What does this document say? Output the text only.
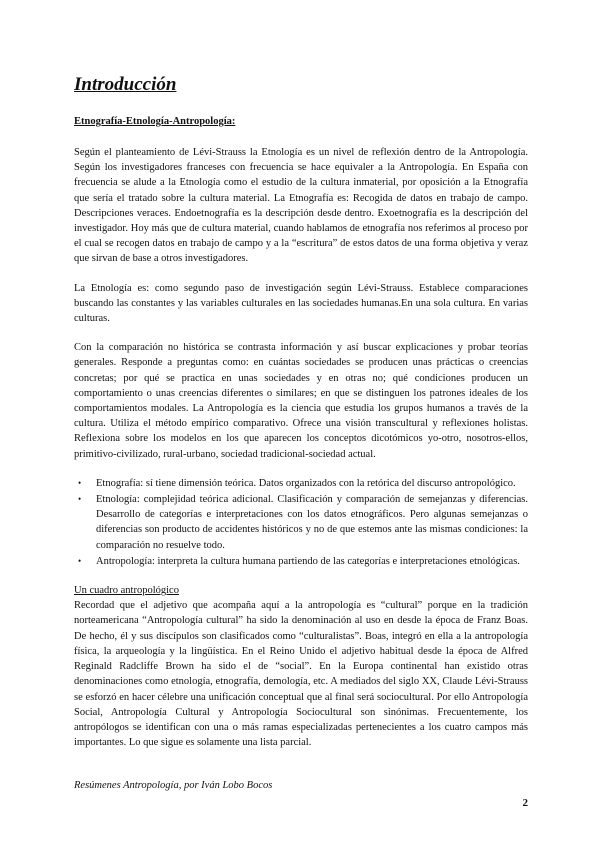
Introducción
Etnografía-Etnología-Antropología:

Según el planteamiento de Lévi-Strauss la Etnología es un nivel de reflexión dentro de la Antropología. Según los investigadores franceses con frecuencia se hace equivaler a la Antropología. En España con frecuencia se alude a la Etnología como el estudio de la cultura inmaterial, por oposición a la Etnografía que sería el tratado sobre la cultura material. La Etnografía es: Recogida de datos en trabajo de campo. Descripciones veraces. Endoetnografía es la descripción desde dentro. Exoetnografía es la descripción del investigador. Hoy más que de cultura material, cuando hablamos de etnografía nos referimos al proceso por el cual se recogen datos en trabajo de campo y a la “escritura” de estos datos de una forma objetiva y veraz que sirvan de base a otros investigadores.

La Etnología es: como segundo paso de investigación según Lévi-Strauss. Establece comparaciones buscando las constantes y las variables culturales en las sociedades humanas.En una sola cultura. En varias culturas.

Con la comparación no histórica se contrasta información y así buscar explicaciones y probar teorías generales. Responde a preguntas como: en cuántas sociedades se producen unas prácticas o creencias concretas; por qué se practica en unas sociedades y en otras no; qué condiciones producen un comportamiento o unas creencias diferentes o similares; en que se distinguen los patrones ideales de los comportamientos modales. La Antropología es la ciencia que estudia los grupos humanos a través de la cultura. Utiliza el método empírico comparativo. Ofrece una visión transcultural y reflexiones holistas. Reflexiona sobre los modelos en los que aparecen los conceptos dicotómicos yo-otro, nosotros-ellos, primitivo-civilizado, rural-urbano, sociedad tradicional-sociedad actual.

• Etnografía: sí tiene dimensión teórica. Datos organizados con la retórica del discurso antropológico.
• Etnología: complejidad teórica adicional. Clasificación y comparación de semejanzas y diferencias. Desarrollo de categorías e interpretaciones con los datos etnográficos. Pero algunas semejanzas o diferencias son producto de accidentes históricos y no de que estemos ante las mismas condiciones: la comparación no resuelve todo.
• Antropología: interpreta la cultura humana partiendo de las categorías e interpretaciones etnológicas.
Un cuadro antropológico

Recordad que el adjetivo que acompaña aquí a la antropología es “cultural” porque en la tradición norteamericana “Antropología cultural” ha sido la denominación al uso en desde la época de Franz Boas. De hecho, él y sus discípulos son clasificados como “culturalistas”. Boas, integró en ella a la antropología física, la arqueología y la lingüística. En el Reino Unido el adjetivo habitual desde la época de Alfred Reginald Radcliffe Brown ha sido el de “social”. En la Europa continental han existido otras denominaciones como etnología, etnografía, demología, etc. A mediados del siglo XX, Claude Lévi-Strauss se esforzó en hacer célebre una unificación conceptual que al final será sociocultural. Por ello Antropología Social, Antropología Cultural y Antropología Sociocultural son sinónimas. Frecuentemente, los antropólogos se identifican con una o más ramas especializadas pertenecientes a los cuatro campos más importantes. Lo que sigue es solamente una lista parcial.

Resúmenes Antropología, por Iván Lobo Bocos
2
